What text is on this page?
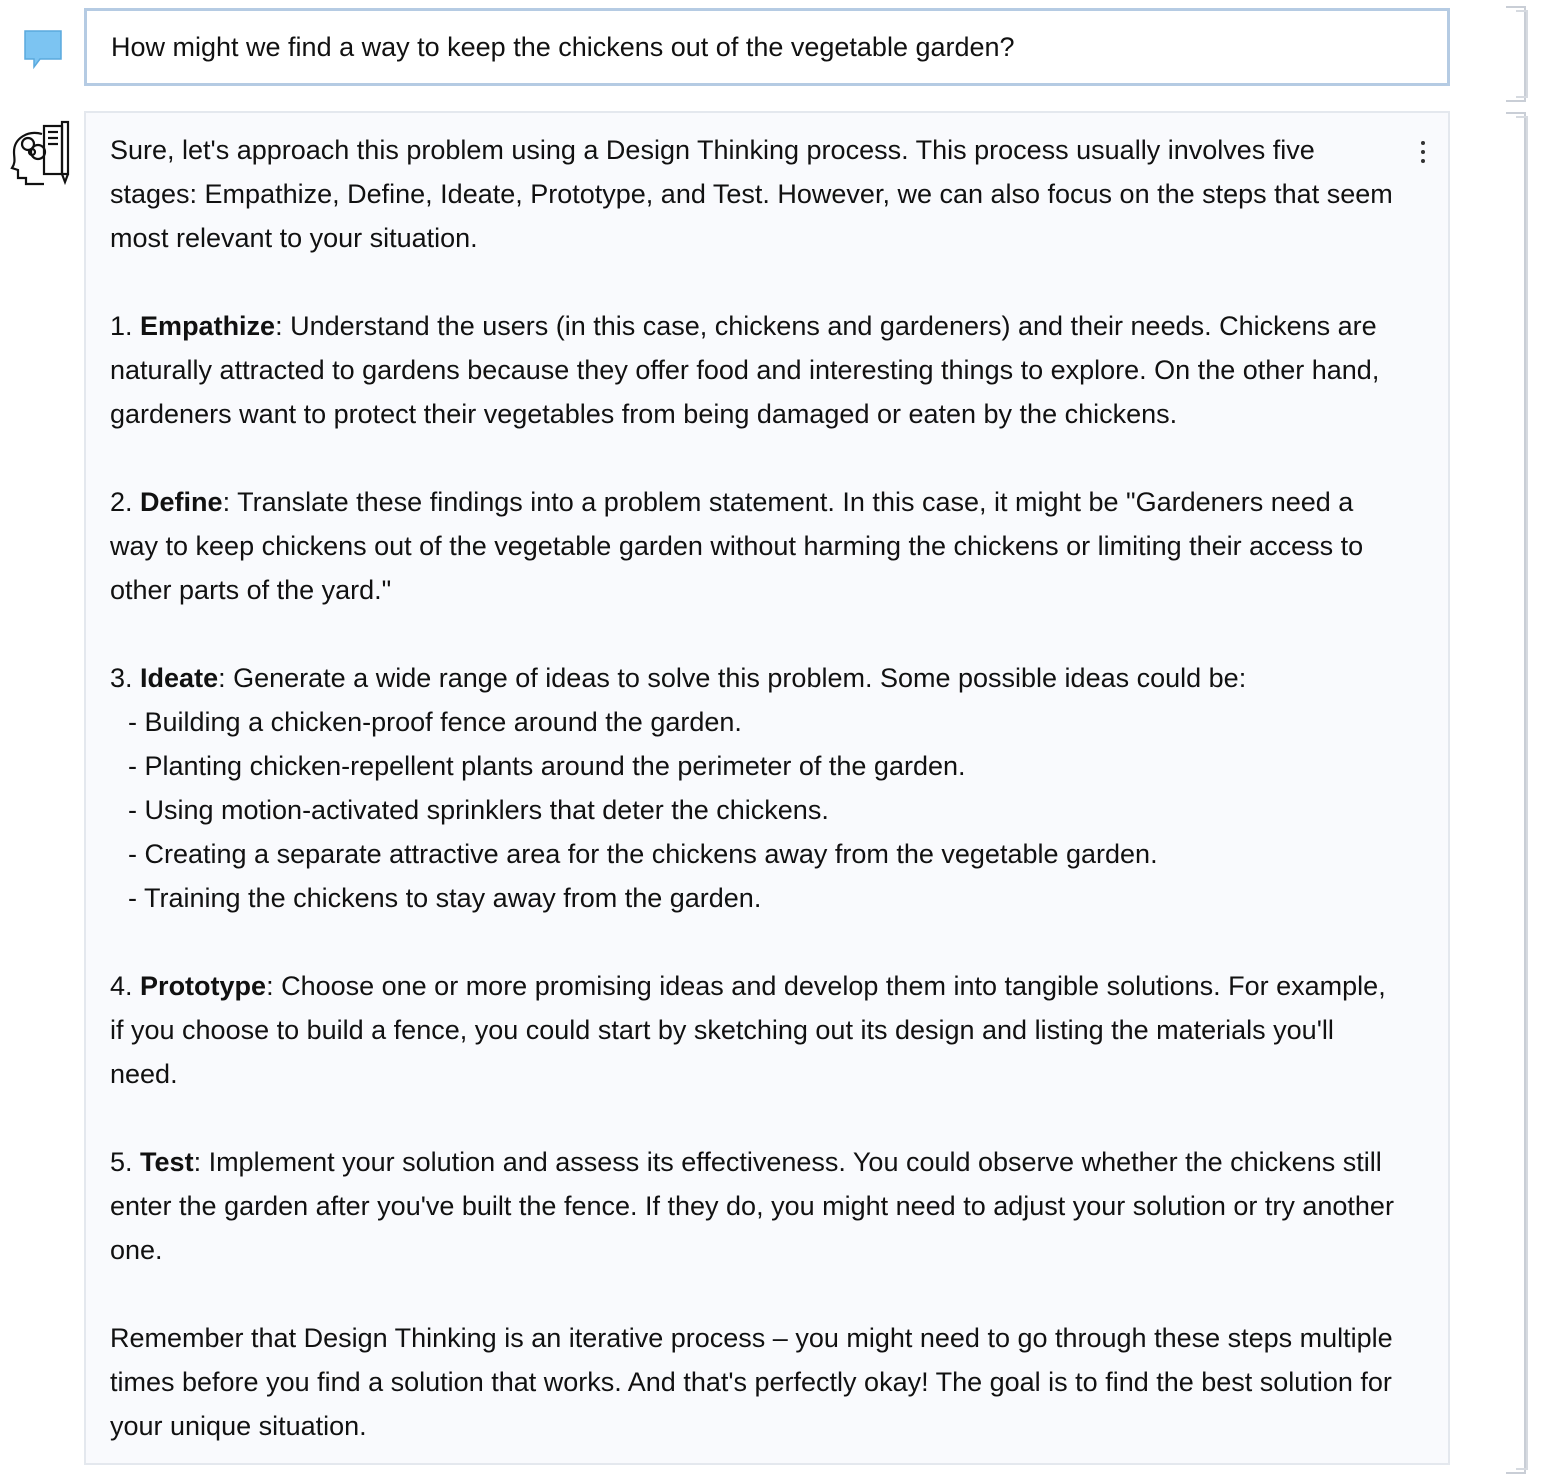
How might we find a way to keep the chickens out of the vegetable garden?

Sure, let's approach this problem using a Design Thinking process. This process usually involves five stages: Empathize, Define, Ideate, Prototype, and Test. However, we can also focus on the steps that seem most relevant to your situation.

1. Empathize: Understand the users (in this case, chickens and gardeners) and their needs. Chickens are naturally attracted to gardens because they offer food and interesting things to explore. On the other hand, gardeners want to protect their vegetables from being damaged or eaten by the chickens.

2. Define: Translate these findings into a problem statement. In this case, it might be "Gardeners need a way to keep chickens out of the vegetable garden without harming the chickens or limiting their access to other parts of the yard."

3. Ideate: Generate a wide range of ideas to solve this problem. Some possible ideas could be:

- Building a chicken-proof fence around the garden.
- Planting chicken-repellent plants around the perimeter of the garden.
- Using motion-activated sprinklers that deter the chickens.
- Creating a separate attractive area for the chickens away from the vegetable garden.
- Training the chickens to stay away from the garden.

4. Prototype: Choose one or more promising ideas and develop them into tangible solutions. For example, if you choose to build a fence, you could start by sketching out its design and listing the materials you'll need.

5. Test: Implement your solution and assess its effectiveness. You could observe whether the chickens still enter the garden after you've built the fence. If they do, you might need to adjust your solution or try another one.

Remember that Design Thinking is an iterative process – you might need to go through these steps multiple times before you find a solution that works. And that's perfectly okay! The goal is to find the best solution for your unique situation.
